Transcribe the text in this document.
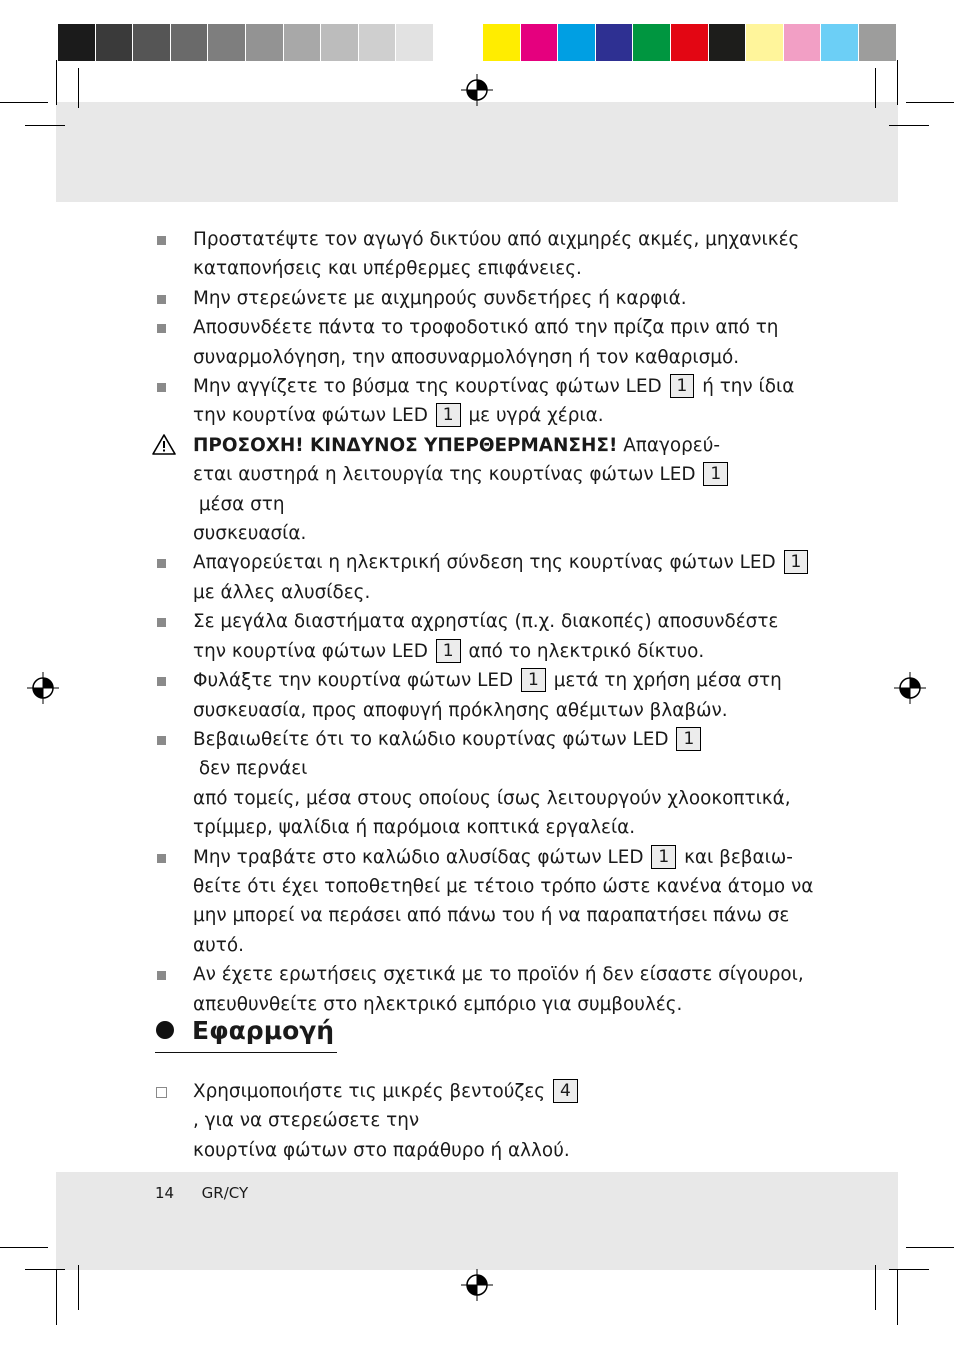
Προστατέψτε τον αγωγό δικτύου από αιχμηρές ακμές, μηχανικές
καταπονήσεις και υπέρθερμες επιφάνειες.
Μην στερεώνετε με αιχμηρούς συνδετήρες ή καρφιά.
Αποσυνδέετε πάντα το τροφοδοτικό από την πρίζα πριν από τη
συναρμολόγηση, την αποσυναρμολόγηση ή τον καθαρισμό.
Μην αγγίζετε το βύσμα της κουρτίνας φώτων LED 1 ή την ίδια
την κουρτίνα φώτων LED 1 με υγρά χέρια.
ΠΡΟΣΟΧΗ! ΚΙΝΔΥΝΟΣ ΥΠΕΡΘΕΡΜΑΝΣΗΣ! Απαγορεύ-
εται αυστηρά η λειτουργία της κουρτίνας φώτων LED 1 μέσα στη
συσκευασία.
Απαγορεύεται η ηλεκτρική σύνδεση της κουρτίνας φώτων LED 1
με άλλες αλυσίδες.
Σε μεγάλα διαστήματα αχρηστίας (π.χ. διακοπές) αποσυνδέστε
την κουρτίνα φώτων LED 1 από το ηλεκτρικό δίκτυο.
Φυλάξτε την κουρτίνα φώτων LED 1 μετά τη χρήση μέσα στη
συσκευασία, προς αποφυγή πρόκλησης αθέμιτων βλαβών.
Βεβαιωθείτε ότι το καλώδιο κουρτίνας φώτων LED 1 δεν περνάει
από τομείς, μέσα στους οποίους ίσως λειτουργούν χλοοκοπτικά,
τρίμμερ, ψαλίδια ή παρόμοια κοπτικά εργαλεία.
Μην τραβάτε στο καλώδιο αλυσίδας φώτων LED 1 και βεβαιω-
θείτε ότι έχει τοποθετηθεί με τέτοιο τρόπο ώστε κανένα άτομο να
μην μπορεί να περάσει από πάνω του ή να παραπατήσει πάνω σε
αυτό.
Αν έχετε ερωτήσεις σχετικά με το προϊόν ή δεν είσαστε σίγουροι,
απευθυνθείτε στο ηλεκτρικό εμπόριο για συμβουλές.
Εφαρμογή
Χρησιμοποιήστε τις μικρές βεντούζες 4, για να στερεώσετε την
κουρτίνα φώτων στο παράθυρο ή αλλού.
14 GR/CY
